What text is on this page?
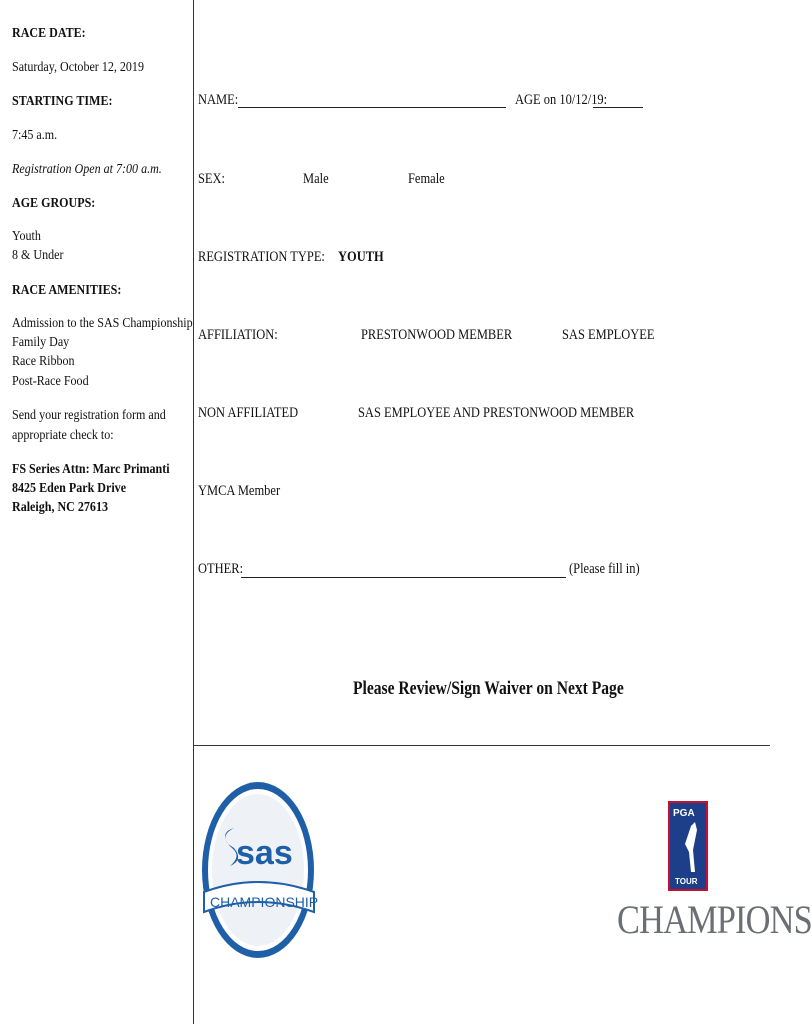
RACE DATE:
Saturday, October 12, 2019
STARTING TIME:
7:45 a.m.
Registration Open at 7:00 a.m.
AGE GROUPS:
Youth
8 & Under
RACE AMENITIES:
Admission to the SAS Championship
Family Day
Race Ribbon
Post-Race Food
Send your registration form and
appropriate check to:
FS Series Attn: Marc Primanti
8425 Eden Park Drive
Raleigh, NC 27613
NAME:	AGE on 10/12/19:
SEX:	Male	Female
REGISTRATION TYPE: YOUTH
AFFILIATION:	PRESTONWOOD MEMBER	SAS EMPLOYEE
NON AFFILIATED	SAS EMPLOYEE AND PRESTONWOOD MEMBER
YMCA Member
OTHER:	(Please fill in)
Please Review/Sign Waiver on Next Page
sas
CHAMPIONSHIP
PGA
TOUR
CHAMPIONS
